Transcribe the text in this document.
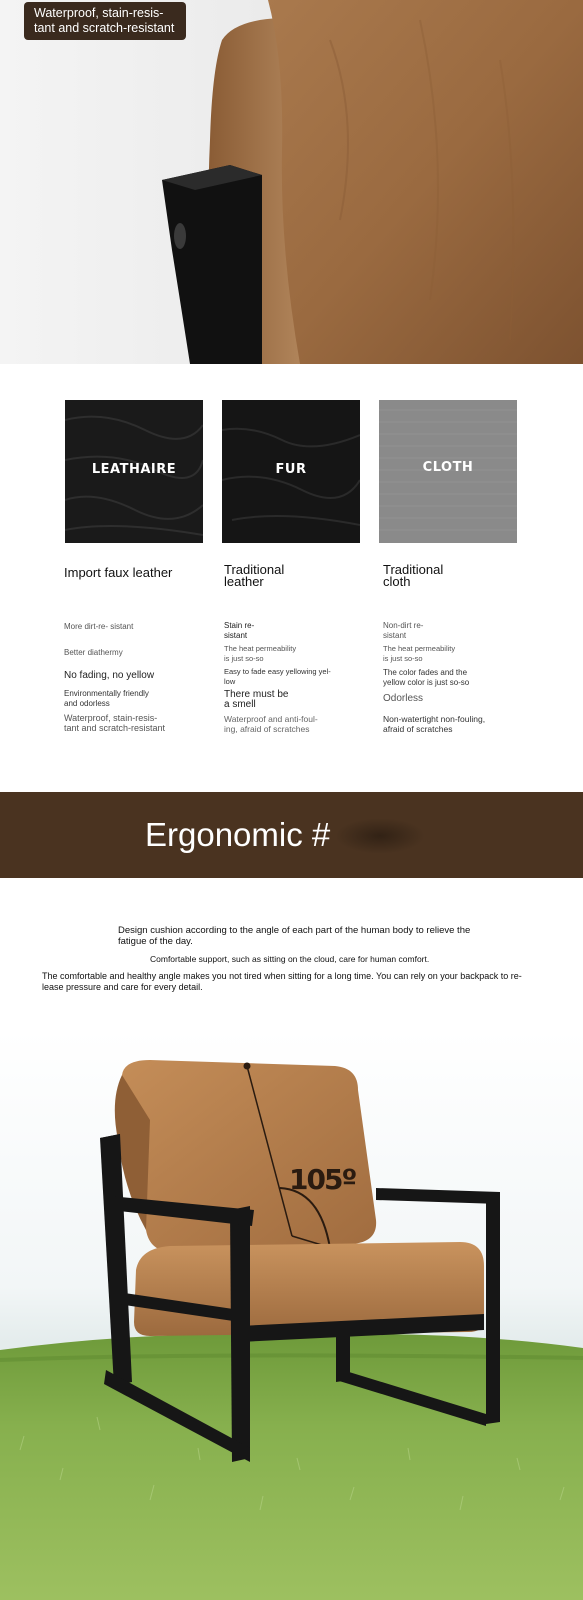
Waterproof, stain-resis-
tant and scratch-resistant
LEATHAIRE	FUR	CLOTH

Import faux leather

More dirt-re- sistant
Better diathermy
No fading, no yellow
Environmentally friendly
and odorless
Waterproof, stain-resis-
tant and scratch-resistant

Traditional
leather

Stain re-
sistant
The heat permeability
is just so-so
Easy to fade easy yellowing yel-
low
There must be
a smell
Waterproof and anti-foul-
ing, afraid of scratches

Traditional
cloth

Non-dirt re-
sistant
The heat permeability
is just so-so
The color fades and the
yellow color is just so-so
Odorless
Non-watertight non-fouling,
afraid of scratches
Ergonomic #

Design cushion according to the angle of each part of the human body to relieve the
fatigue of the day.

Comfortable support, such as sitting on the cloud, care for human comfort.

The comfortable and healthy angle makes you not tired when sitting for a long time. You can rely on your backpack to re-
lease pressure and care for every detail.

105º
